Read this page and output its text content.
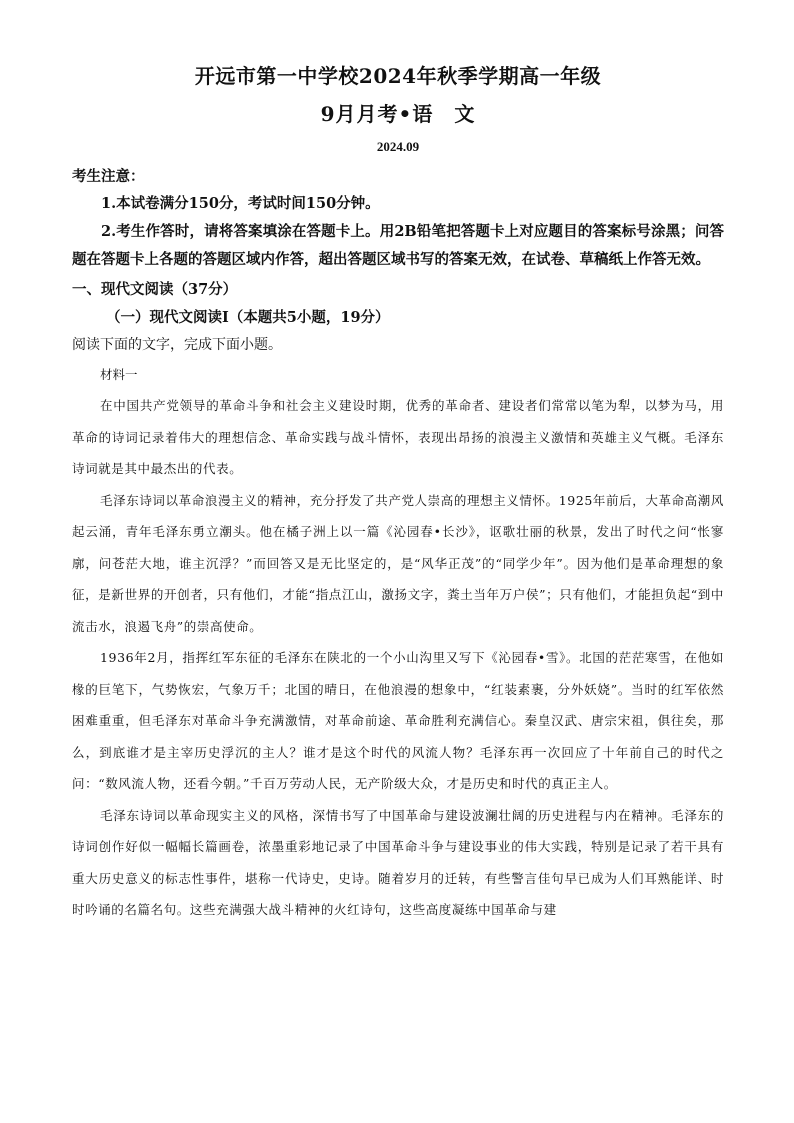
开远市第一中学校2024年秋季学期高一年级
9月月考•语　文
2024.09
考生注意：
1.本试卷满分150分，考试时间150分钟。
2.考生作答时，请将答案填涂在答题卡上。用2B铅笔把答题卡上对应题目的答案标号涂黑；问答题在答题卡上各题的答题区域内作答，超出答题区域书写的答案无效，在试卷、草稿纸上作答无效。
一、现代文阅读（37分）
（一）现代文阅读Ⅰ（本题共5小题，19分）
阅读下面的文字，完成下面小题。
材料一

在中国共产党领导的革命斗争和社会主义建设时期，优秀的革命者、建设者们常常以笔为犁，以梦为马，用革命的诗词记录着伟大的理想信念、革命实践与战斗情怀，表现出昂扬的浪漫主义激情和英雄主义气概。毛泽东诗词就是其中最杰出的代表。

毛泽东诗词以革命浪漫主义的精神，充分抒发了共产党人崇高的理想主义情怀。1925年前后，大革命高潮风起云涌，青年毛泽东勇立潮头。他在橘子洲上以一篇《沁园春•长沙》，讴歌壮丽的秋景，发出了时代之问“怅寥廓，问苍茫大地，谁主沉浮？”而回答又是无比坚定的，是“风华正茂”的“同学少年”。因为他们是革命理想的象征，是新世界的开创者，只有他们，才能“指点江山，激扬文字，粪土当年万户侯”；只有他们，才能担负起“到中流击水，浪遏飞舟”的崇高使命。

1936年2月，指挥红军东征的毛泽东在陕北的一个小山沟里又写下《沁园春•雪》。北国的茫茫寒雪，在他如椽的巨笔下，气势恢宏，气象万千；北国的晴日，在他浪漫的想象中，“红装素裹，分外妖娆”。当时的红军依然困难重重，但毛泽东对革命斗争充满激情，对革命前途、革命胜利充满信心。秦皇汉武、唐宗宋祖，俱往矣，那么，到底谁才是主宰历史浮沉的主人？谁才是这个时代的风流人物？毛泽东再一次回应了十年前自己的时代之问：“数风流人物，还看今朝。”千百万劳动人民，无产阶级大众，才是历史和时代的真正主人。

毛泽东诗词以革命现实主义的风格，深情书写了中国革命与建设波澜壮阔的历史进程与内在精神。毛泽东的诗词创作好似一幅幅长篇画卷，浓墨重彩地记录了中国革命斗争与建设事业的伟大实践，特别是记录了若干具有重大历史意义的标志性事件，堪称一代诗史，史诗。随着岁月的迁转，有些警言佳句早已成为人们耳熟能详、时时吟诵的名篇名句。这些充满强大战斗精神的火红诗句，这些高度凝练中国革命与建
